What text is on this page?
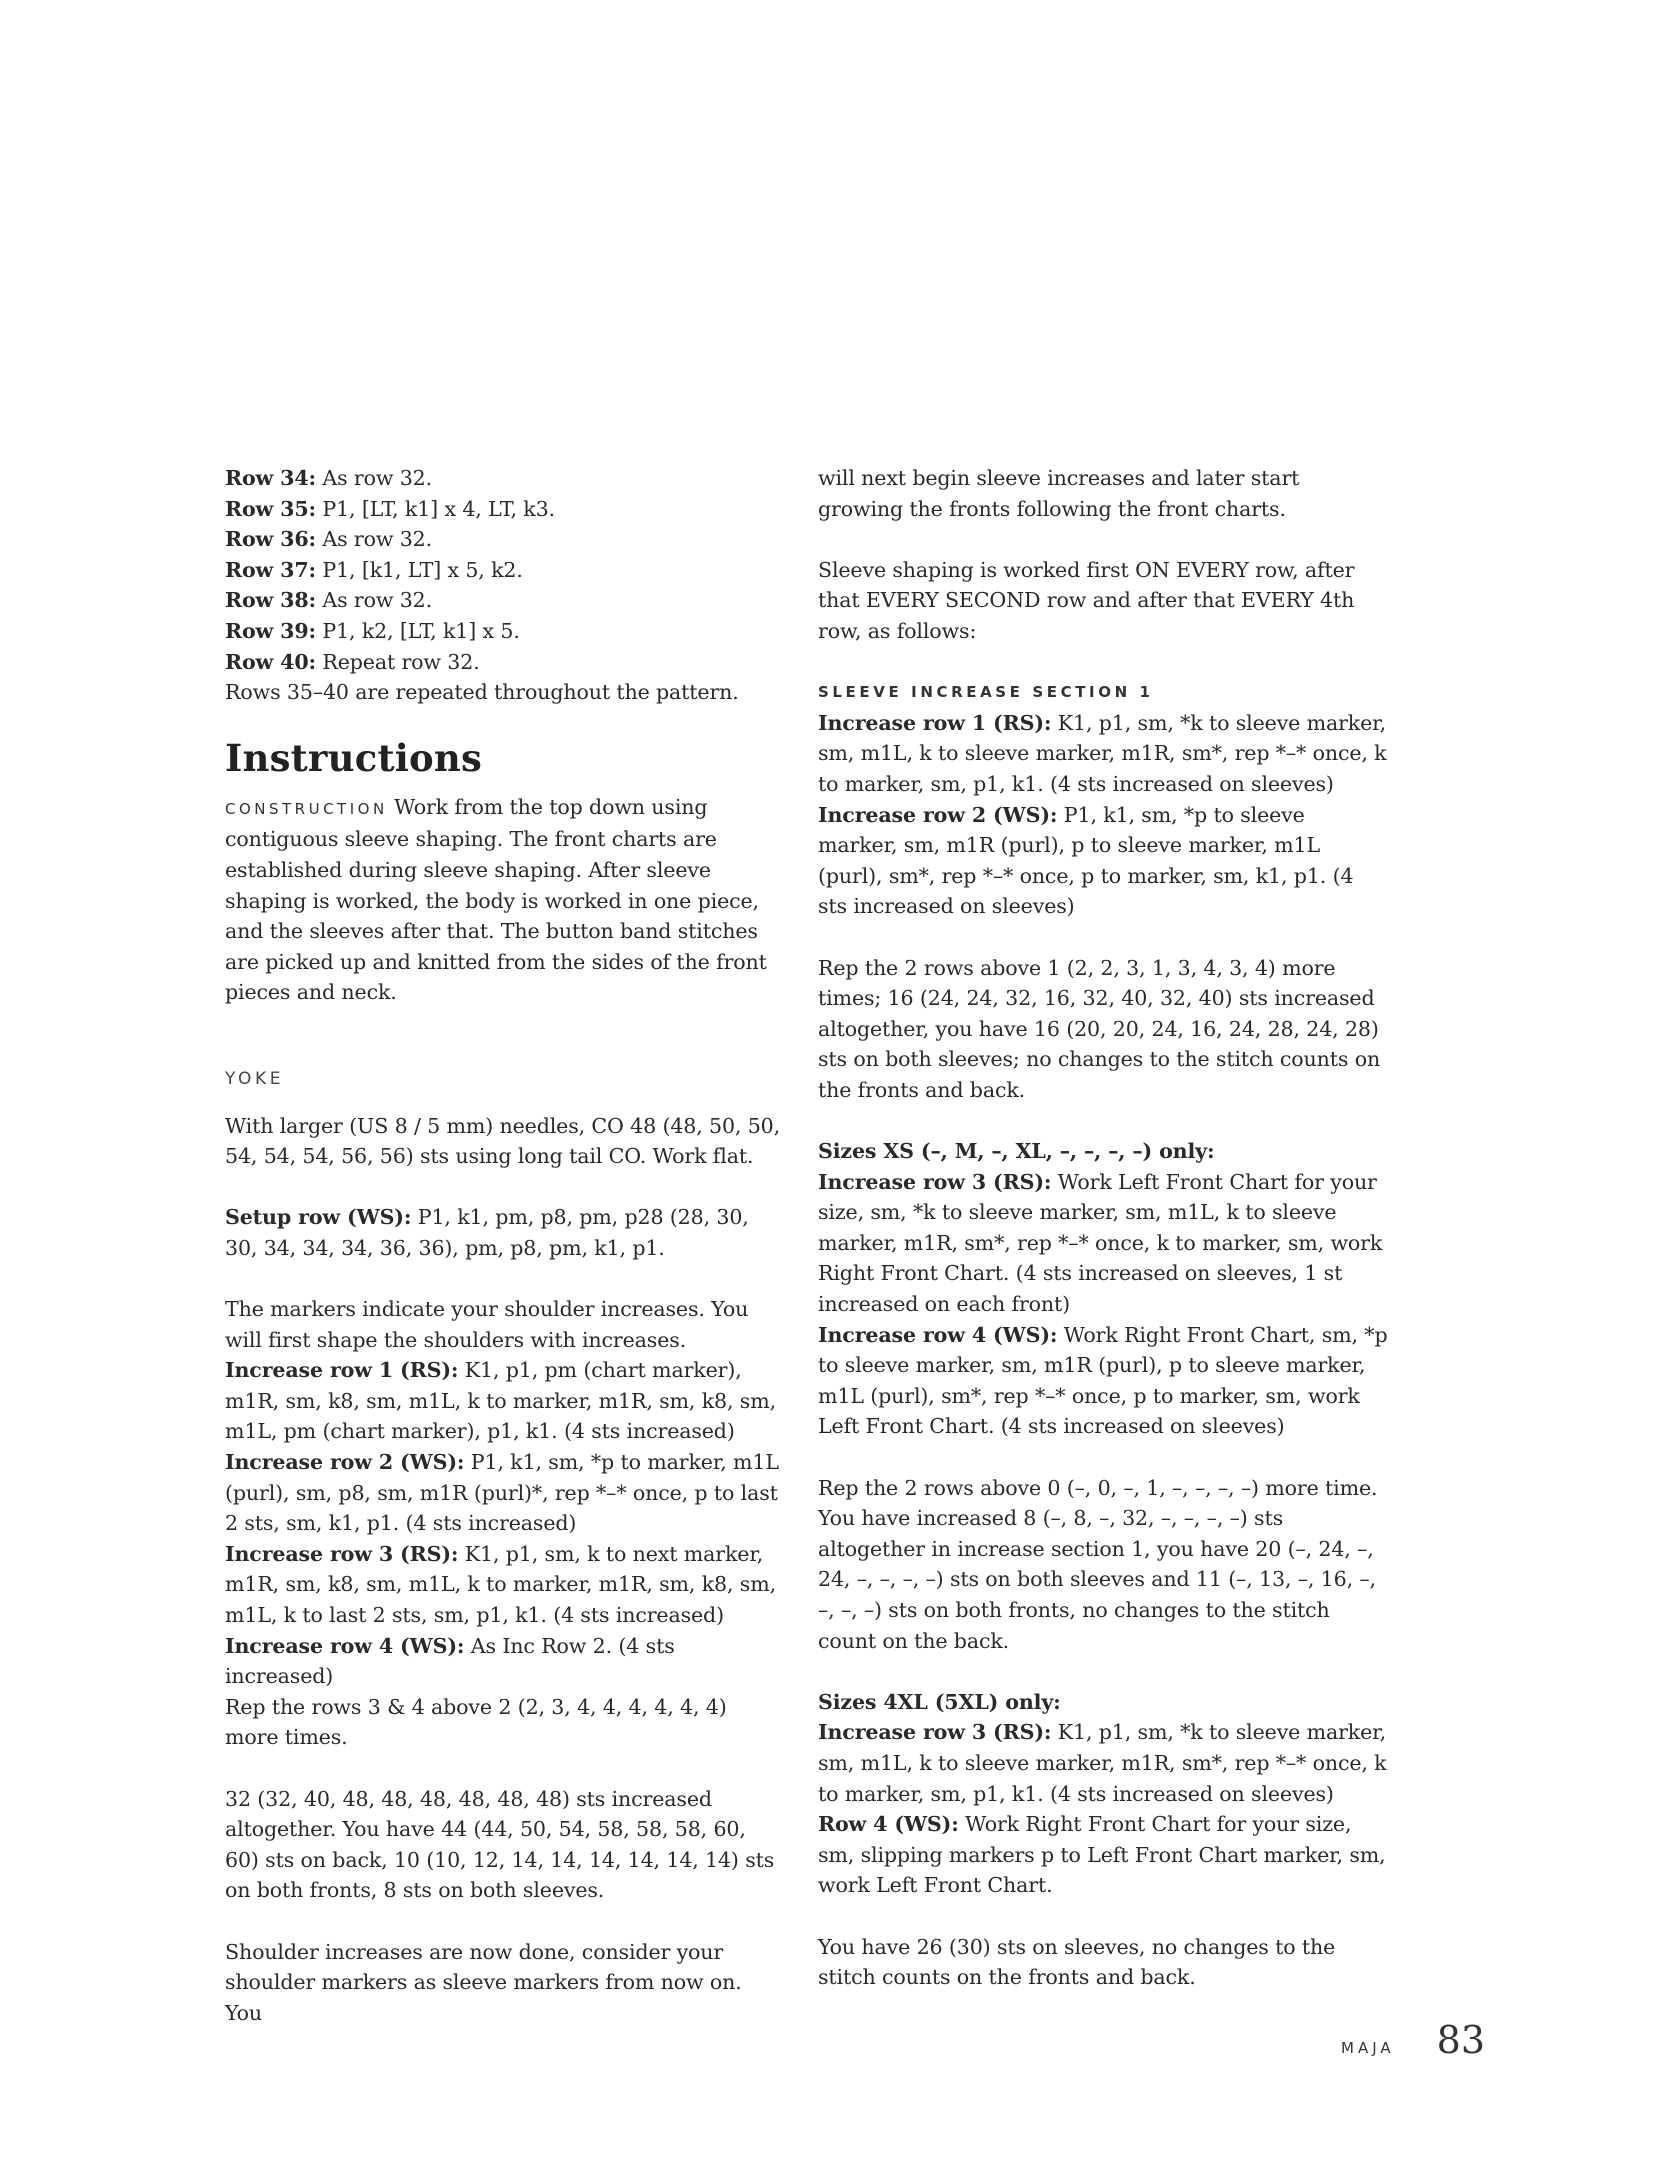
Row 34: As row 32.

Row 35: P1, [LT, k1] x 4, LT, k3.

Row 36: As row 32.

Row 37: P1, [k1, LT] x 5, k2.

Row 38: As row 32.

Row 39: P1, k2, [LT, k1] x 5.

Row 40: Repeat row 32.

Rows 35–40 are repeated throughout the pattern.

Instructions

CONSTRUCTION Work from the top down using contiguous sleeve shaping. The front charts are established during sleeve shaping. After sleeve shaping is worked, the body is worked in one piece, and the sleeves after that. The button band stitches are picked up and knitted from the sides of the front pieces and neck.

YOKE

With larger (US 8 / 5 mm) needles, CO 48 (48, 50, 50, 54, 54, 54, 56, 56) sts using long tail CO. Work flat.

Setup row (WS): P1, k1, pm, p8, pm, p28 (28, 30, 30, 34, 34, 34, 36, 36), pm, p8, pm, k1, p1.

The markers indicate your shoulder increases. You will first shape the shoulders with increases.

Increase row 1 (RS): K1, p1, pm (chart marker), m1R, sm, k8, sm, m1L, k to marker, m1R, sm, k8, sm, m1L, pm (chart marker), p1, k1. (4 sts increased)

Increase row 2 (WS): P1, k1, sm, *p to marker, m1L (purl), sm, p8, sm, m1R (purl)*, rep *–* once, p to last 2 sts, sm, k1, p1. (4 sts increased)

Increase row 3 (RS): K1, p1, sm, k to next marker, m1R, sm, k8, sm, m1L, k to marker, m1R, sm, k8, sm, m1L, k to last 2 sts, sm, p1, k1. (4 sts increased)

Increase row 4 (WS): As Inc Row 2. (4 sts increased)

Rep the rows 3 & 4 above 2 (2, 3, 4, 4, 4, 4, 4, 4) more times.

32 (32, 40, 48, 48, 48, 48, 48, 48) sts increased altogether. You have 44 (44, 50, 54, 58, 58, 58, 60, 60) sts on back, 10 (10, 12, 14, 14, 14, 14, 14, 14) sts on both fronts, 8 sts on both sleeves.

Shoulder increases are now done, consider your shoulder markers as sleeve markers from now on. You

will next begin sleeve increases and later start growing the fronts following the front charts.

Sleeve shaping is worked first ON EVERY row, after that EVERY SECOND row and after that EVERY 4th row, as follows:

SLEEVE INCREASE SECTION 1

Increase row 1 (RS): K1, p1, sm, *k to sleeve marker, sm, m1L, k to sleeve marker, m1R, sm*, rep *–* once, k to marker, sm, p1, k1. (4 sts increased on sleeves)

Increase row 2 (WS): P1, k1, sm, *p to sleeve marker, sm, m1R (purl), p to sleeve marker, m1L (purl), sm*, rep *–* once, p to marker, sm, k1, p1. (4 sts increased on sleeves)

Rep the 2 rows above 1 (2, 2, 3, 1, 3, 4, 3, 4) more times; 16 (24, 24, 32, 16, 32, 40, 32, 40) sts increased altogether, you have 16 (20, 20, 24, 16, 24, 28, 24, 28) sts on both sleeves; no changes to the stitch counts on the fronts and back.

Sizes XS (–, M, –, XL, –, –, –, –) only:

Increase row 3 (RS): Work Left Front Chart for your size, sm, *k to sleeve marker, sm, m1L, k to sleeve marker, m1R, sm*, rep *–* once, k to marker, sm, work Right Front Chart. (4 sts increased on sleeves, 1 st increased on each front)

Increase row 4 (WS): Work Right Front Chart, sm, *p to sleeve marker, sm, m1R (purl), p to sleeve marker, m1L (purl), sm*, rep *–* once, p to marker, sm, work Left Front Chart. (4 sts increased on sleeves)

Rep the 2 rows above 0 (–, 0, –, 1, –, –, –, –) more time. You have increased 8 (–, 8, –, 32, –, –, –, –) sts altogether in increase section 1, you have 20 (–, 24, –, 24, –, –, –, –) sts on both sleeves and 11 (–, 13, –, 16, –, –, –, –) sts on both fronts, no changes to the stitch count on the back.

Sizes 4XL (5XL) only:

Increase row 3 (RS): K1, p1, sm, *k to sleeve marker, sm, m1L, k to sleeve marker, m1R, sm*, rep *–* once, k to marker, sm, p1, k1. (4 sts increased on sleeves)

Row 4 (WS): Work Right Front Chart for your size, sm, slipping markers p to Left Front Chart marker, sm, work Left Front Chart.

You have 26 (30) sts on sleeves, no changes to the stitch counts on the fronts and back.

MAJA 83
